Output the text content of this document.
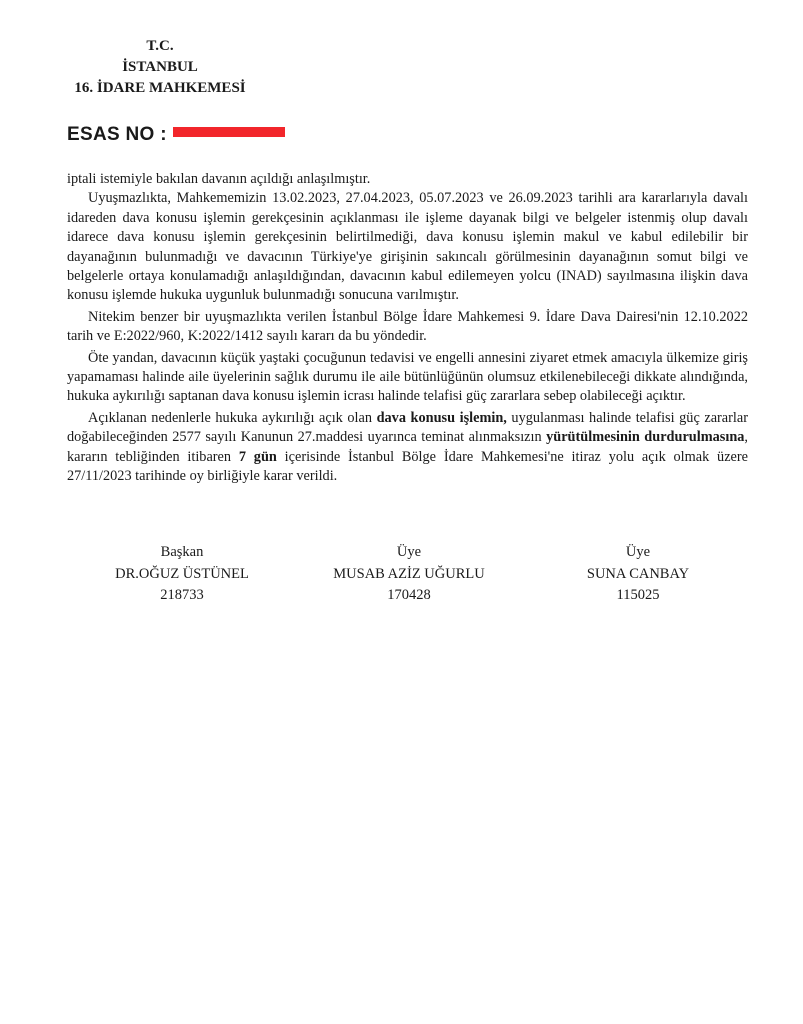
T.C.
İSTANBUL
16. İDARE MAHKEMESİ
ESAS NO :

iptali istemiyle bakılan davanın açıldığı anlaşılmıştır.

Uyuşmazlıkta, Mahkememizin 13.02.2023, 27.04.2023, 05.07.2023 ve 26.09.2023 tarihli ara kararlarıyla davalı idareden dava konusu işlemin gerekçesinin açıklanması ile işleme dayanak bilgi ve belgeler istenmiş olup davalı idarece dava konusu işlemin gerekçesinin belirtilmediği, dava konusu işlemin makul ve kabul edilebilir bir dayanağının bulunmadığı ve davacının Türkiye'ye girişinin sakıncalı görülmesinin dayanağının somut bilgi ve belgelerle ortaya konulamadığı anlaşıldığından, davacının kabul edilemeyen yolcu (INAD) sayılmasına ilişkin dava konusu işlemde hukuka uygunluk bulunmadığı sonucuna varılmıştır.

Nitekim benzer bir uyuşmazlıkta verilen İstanbul Bölge İdare Mahkemesi 9. İdare Dava Dairesi'nin 12.10.2022 tarih ve E:2022/960, K:2022/1412 sayılı kararı da bu yöndedir.

Öte yandan, davacının küçük yaştaki çocuğunun tedavisi ve engelli annesini ziyaret etmek amacıyla ülkemize giriş yapamaması halinde aile üyelerinin sağlık durumu ile aile bütünlüğünün olumsuz etkilenebileceği dikkate alındığında, hukuka aykırılığı saptanan dava konusu işlemin icrası halinde telafisi güç zararlara sebep olabileceği açıktır.

Açıklanan nedenlerle hukuka aykırılığı açık olan dava konusu işlemin, uygulanması halinde telafisi güç zararlar doğabileceğinden 2577 sayılı Kanunun 27.maddesi uyarınca teminat alınmaksızın yürütülmesinin durdurulmasına, kararın tebliğinden itibaren 7 gün içerisinde İstanbul Bölge İdare Mahkemesi'ne itiraz yolu açık olmak üzere 27/11/2023 tarihinde oy birliğiyle karar verildi.

Başkan
DR.OĞUZ ÜSTÜNEL
218733
Üye
MUSAB AZİZ UĞURLU
170428
Üye
SUNA CANBAY
115025
